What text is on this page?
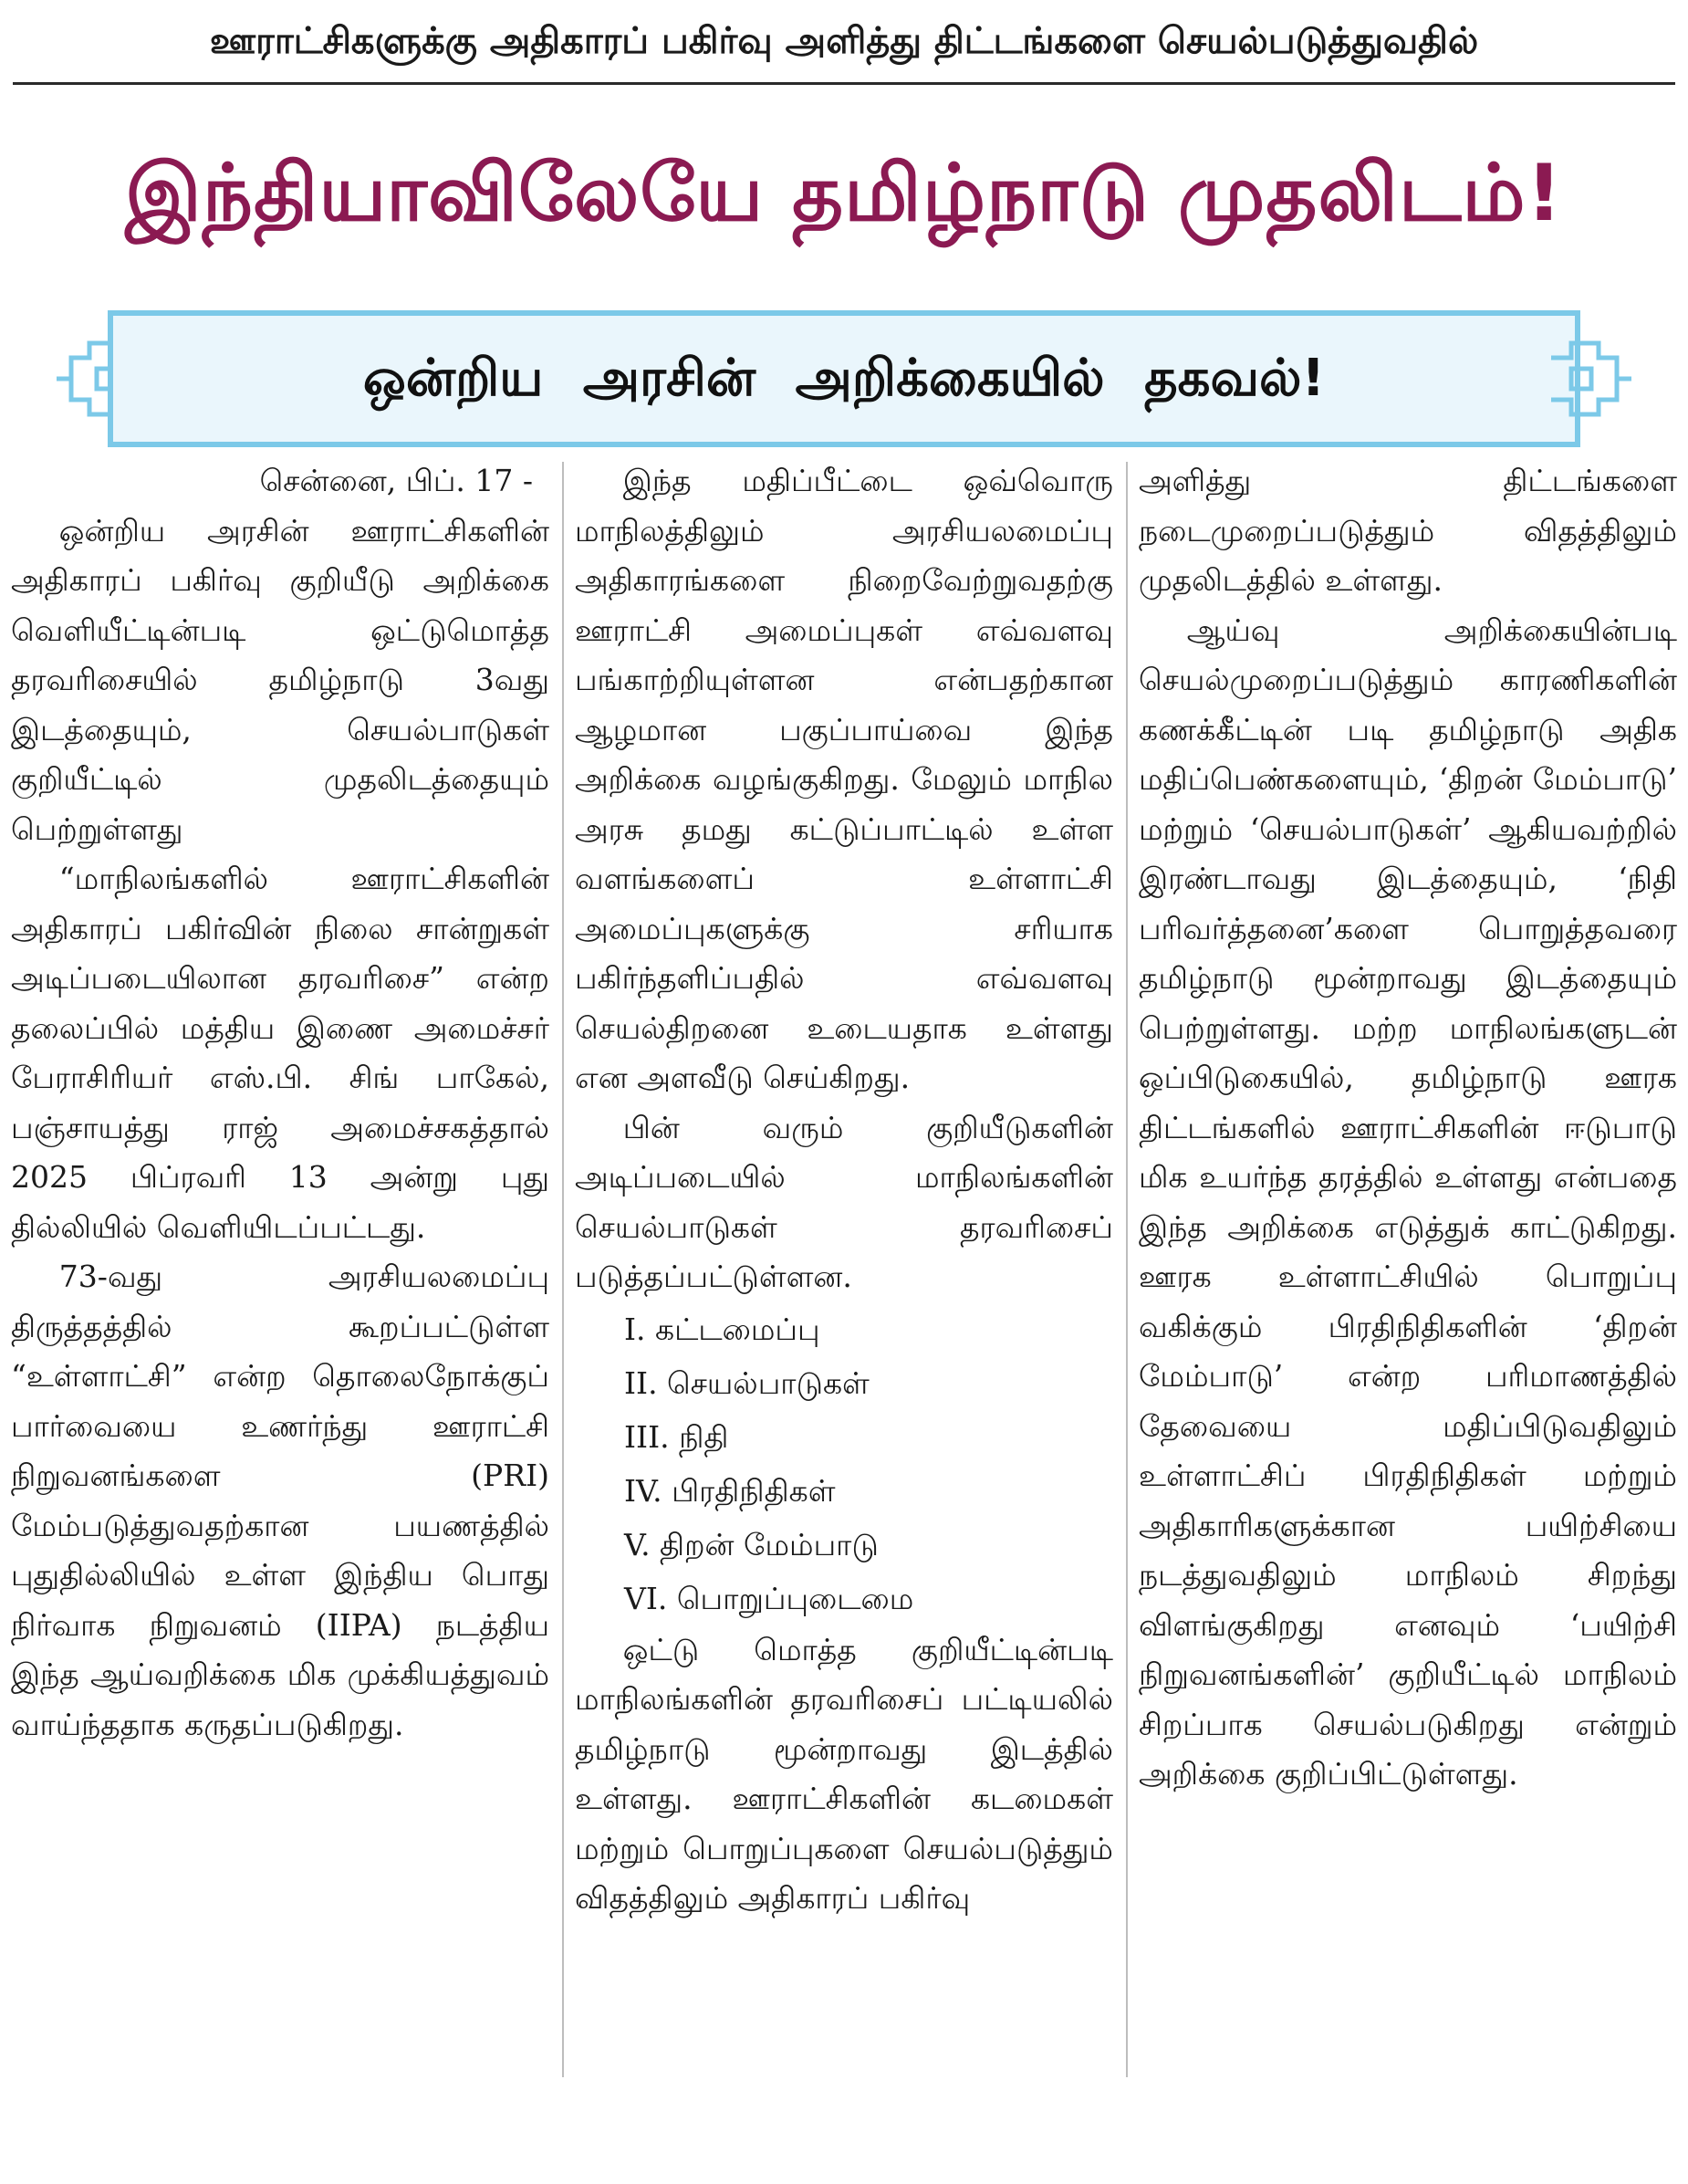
ஊராட்சிகளுக்கு அதிகாரப் பகிர்வு அளித்து திட்டங்களை செயல்படுத்துவதில்
இந்தியாவிலேயே தமிழ்நாடு முதலிடம்!
ஒன்றிய அரசின் அறிக்கையில் தகவல்!

சென்னை, பிப். 17 -

ஒன்றிய அரசின் ஊராட்சிகளின் அதிகாரப் பகிர்வு குறியீடு அறிக்கை வெளியீட்டின்படி ஒட்டுமொத்த தரவரிசையில் தமிழ்நாடு 3வது இடத்தையும், செயல்பாடுகள் குறியீட்டில் முதலிடத்தையும் பெற்றுள்ளது

“மாநிலங்களில் ஊராட்சிகளின் அதிகாரப் பகிர்வின் நிலை சான்றுகள் அடிப்படையிலான தரவரிசை” என்ற தலைப்பில் மத்திய இணை அமைச்சர் பேராசிரியர் எஸ்.பி. சிங் பாகேல், பஞ்சாயத்து ராஜ் அமைச்சகத்தால் 2025 பிப்ரவரி 13 அன்று புது தில்லியில் வெளியிடப்பட்டது.

73-வது அரசியலமைப்பு திருத்தத்தில் கூறப்பட்டுள்ள “உள்ளாட்சி” என்ற தொலைநோக்குப் பார்வையை உணர்ந்து ஊராட்சி நிறுவனங்களை (PRI) மேம்படுத்துவதற்கான பயணத்தில் புதுதில்லியில் உள்ள இந்திய பொது நிர்வாக நிறுவனம் (IIPA) நடத்திய இந்த ஆய்வறிக்கை மிக முக்கியத்துவம் வாய்ந்ததாக கருதப்படுகிறது.

இந்த மதிப்பீட்டை ஒவ்வொரு மாநிலத்திலும் அரசியலமைப்பு அதிகாரங்களை நிறைவேற்றுவதற்கு ஊராட்சி அமைப்புகள் எவ்வளவு பங்காற்றியுள்ளன என்பதற்கான ஆழமான பகுப்பாய்வை இந்த அறிக்கை வழங்குகிறது. மேலும் மாநில அரசு தமது கட்டுப்பாட்டில் உள்ள வளங்களைப் உள்ளாட்சி அமைப்புகளுக்கு சரியாக பகிர்ந்தளிப்பதில் எவ்வளவு செயல்திறனை உடையதாக உள்ளது என அளவீடு செய்கிறது.

பின் வரும் குறியீடுகளின் அடிப்படையில் மாநிலங்களின் செயல்பாடுகள் தரவரிசைப் படுத்தப்பட்டுள்ளன.

I. கட்டமைப்பு
II. செயல்பாடுகள்
III. நிதி
IV. பிரதிநிதிகள்
V. திறன் மேம்பாடு
VI. பொறுப்புடைமை

ஒட்டு மொத்த குறியீட்டின்படி மாநிலங்களின் தரவரிசைப் பட்டியலில் தமிழ்நாடு மூன்றாவது இடத்தில் உள்ளது. ஊராட்சிகளின் கடமைகள் மற்றும் பொறுப்புகளை செயல்படுத்தும் விதத்திலும் அதிகாரப் பகிர்வு

அளித்து திட்டங்களை நடைமுறைப்படுத்தும் விதத்திலும் முதலிடத்தில் உள்ளது.

ஆய்வு அறிக்கையின்படி செயல்முறைப்படுத்தும் காரணிகளின் கணக்கீட்டின் படி தமிழ்நாடு அதிக மதிப்பெண்களையும், ‘திறன் மேம்பாடு’ மற்றும் ‘செயல்பாடுகள்’ ஆகியவற்றில் இரண்டாவது இடத்தையும், ‘நிதி பரிவர்த்தனை’களை பொறுத்தவரை தமிழ்நாடு மூன்றாவது இடத்தையும் பெற்றுள்ளது. மற்ற மாநிலங்களுடன் ஒப்பிடுகையில், தமிழ்நாடு ஊரக திட்டங்களில் ஊராட்சிகளின் ஈடுபாடு மிக உயர்ந்த தரத்தில் உள்ளது என்பதை இந்த அறிக்கை எடுத்துக் காட்டுகிறது. ஊரக உள்ளாட்சியில் பொறுப்பு வகிக்கும் பிரதிநிதிகளின் ‘திறன் மேம்பாடு’ என்ற பரிமாணத்தில் தேவையை மதிப்பிடுவதிலும் உள்ளாட்சிப் பிரதிநிதிகள் மற்றும் அதிகாரிகளுக்கான பயிற்சியை நடத்துவதிலும் மாநிலம் சிறந்து விளங்குகிறது எனவும் ‘பயிற்சி நிறுவனங்களின்’ குறியீட்டில் மாநிலம் சிறப்பாக செயல்படுகிறது என்றும் அறிக்கை குறிப்பிட்டுள்ளது.
